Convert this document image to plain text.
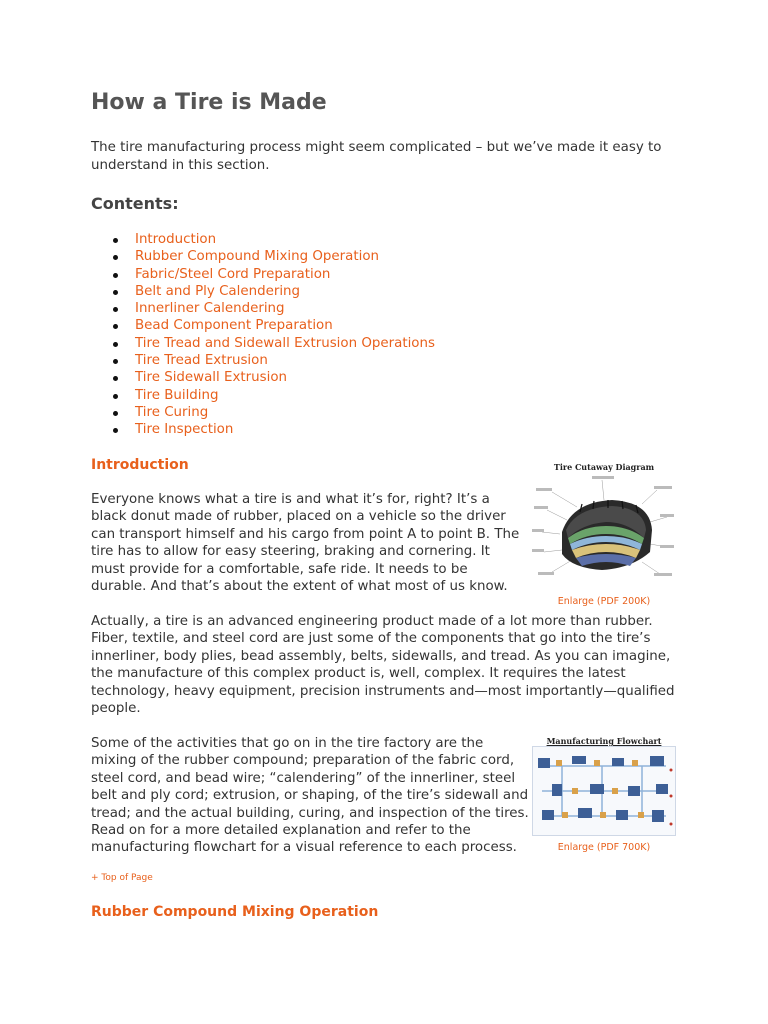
How a Tire is Made

The tire manufacturing process might seem complicated – but we’ve made it easy to understand in this section.

Contents:
Introduction
Rubber Compound Mixing Operation
Fabric/Steel Cord Preparation
Belt and Ply Calendering
Innerliner Calendering
Bead Component Preparation
Tire Tread and Sidewall Extrusion Operations
Tire Tread Extrusion
Tire Sidewall Extrusion
Tire Building
Tire Curing
Tire Inspection
Introduction

Everyone knows what a tire is and what it’s for, right? It’s a black donut made of rubber, placed on a vehicle so the driver can transport himself and his cargo from point A to point B. The tire has to allow for easy steering, braking and cornering. It must provide for a comfortable, safe ride. It needs to be durable. And that’s about the extent of what most of us know.

Actually, a tire is an advanced engineering product made of a lot more than rubber. Fiber, textile, and steel cord are just some of the components that go into the tire’s innerliner, body plies, bead assembly, belts, sidewalls, and tread. As you can imagine, the manufacture of this complex product is, well, complex. It requires the latest technology, heavy equipment, precision instruments and—most importantly—qualified people.

Some of the activities that go on in the tire factory are the mixing of the rubber compound; preparation of the fabric cord, steel cord, and bead wire; “calendering” of the innerliner, steel belt and ply cord; extrusion, or shaping, of the tire’s sidewall and tread; and the actual building, curing, and inspection of the tires. Read on for a more detailed explanation and refer to the manufacturing flowchart for a visual reference to each process.

+ Top of Page
Rubber Compound Mixing Operation
Tire Cutaway Diagram
Enlarge (PDF 200K)
Manufacturing Flowchart
Enlarge (PDF 700K)
